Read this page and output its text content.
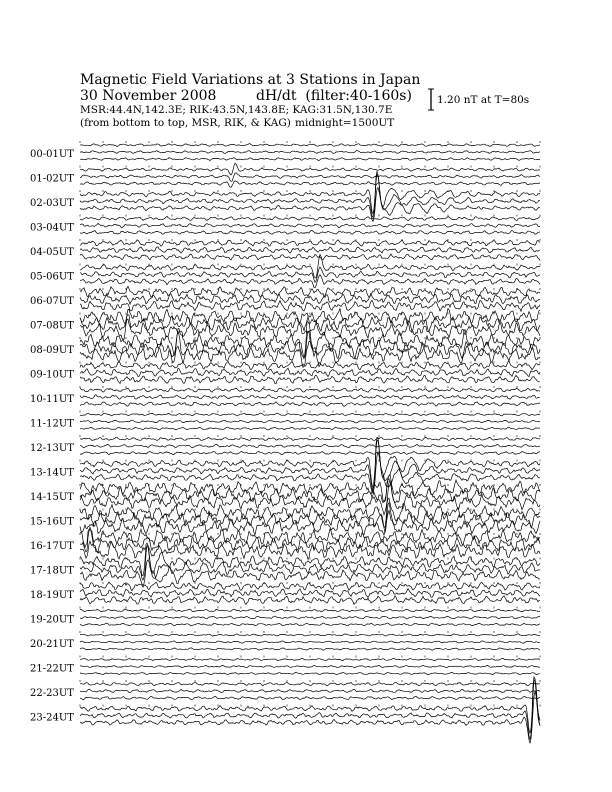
Magnetic Field Variations at 3 Stations in Japan
30 November 2008	dH/dt (filter:40-160s)
MSR:44.4N,142.3E; RIK:43.5N,143.8E; KAG:31.5N,130.7E
(from bottom to top, MSR, RIK, & KAG) midnight=1500UT
1.20 nT at T=80s
00-01UT
01-02UT
02-03UT
03-04UT
04-05UT
05-06UT
06-07UT
07-08UT
08-09UT
09-10UT
10-11UT
11-12UT
12-13UT
13-14UT
14-15UT
15-16UT
16-17UT
17-18UT
18-19UT
19-20UT
20-21UT
21-22UT
22-23UT
23-24UT
